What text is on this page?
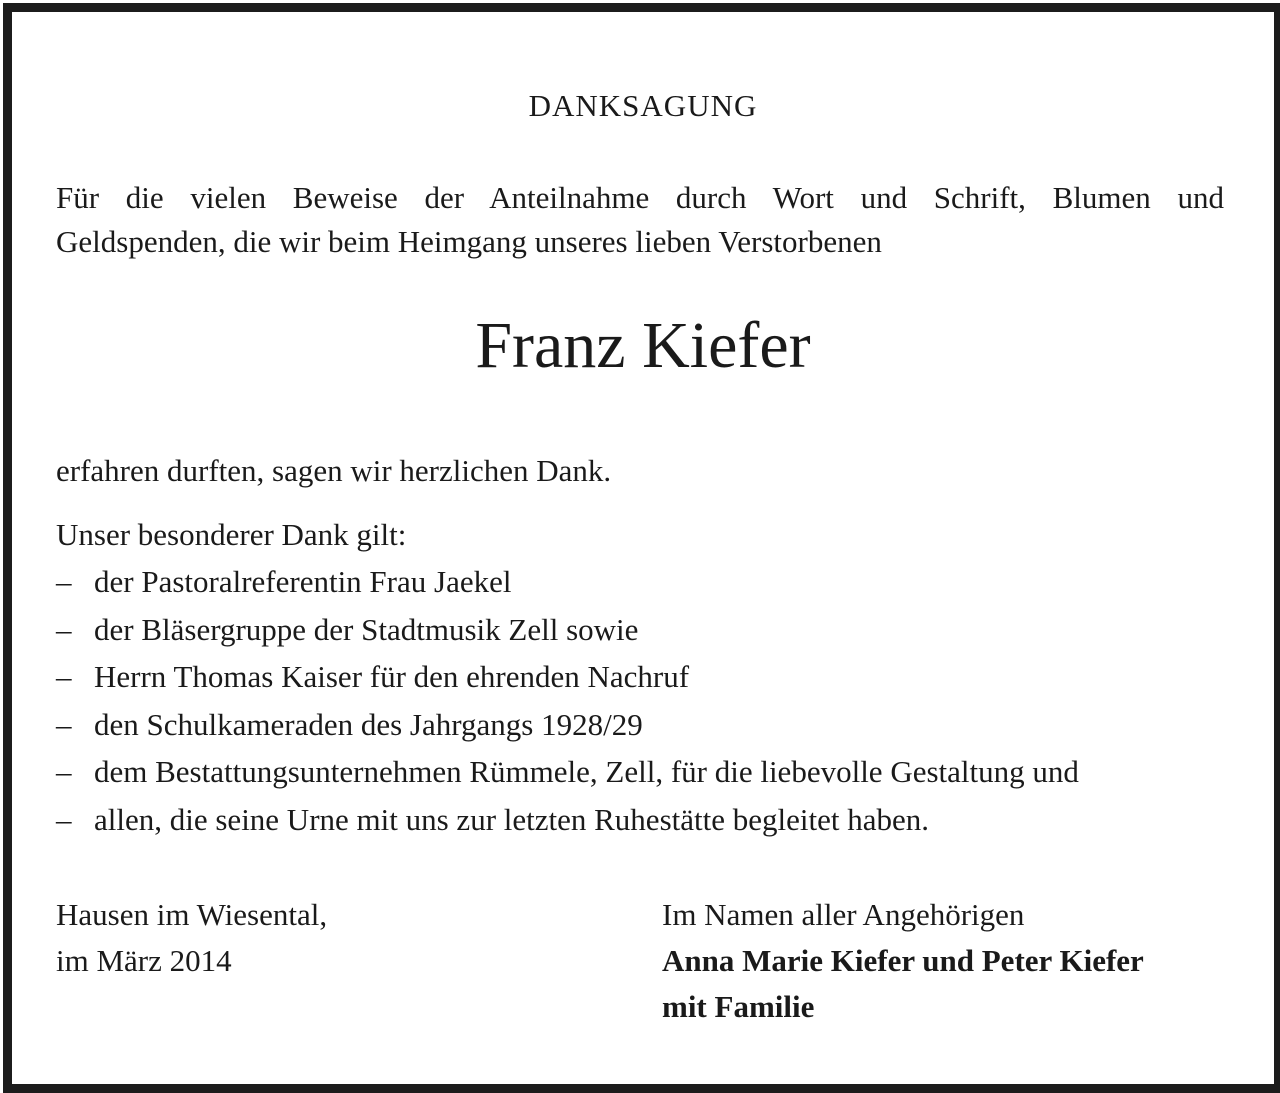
DANKSAGUNG
Für die vielen Beweise der Anteilnahme durch Wort und Schrift, Blumen und
Geldspenden, die wir beim Heimgang unseres lieben Verstorbenen
Franz Kiefer
erfahren durften, sagen wir herzlichen Dank.
Unser besonderer Dank gilt:
– der Pastoralreferentin Frau Jaekel
– der Bläsergruppe der Stadtmusik Zell sowie
– Herrn Thomas Kaiser für den ehrenden Nachruf
– den Schulkameraden des Jahrgangs 1928/29
– dem Bestattungsunternehmen Rümmele, Zell, für die liebevolle Gestaltung und
– allen, die seine Urne mit uns zur letzten Ruhestätte begleitet haben.
Hausen im Wiesental,
im März 2014
Im Namen aller Angehörigen
Anna Marie Kiefer und Peter Kiefer
mit Familie
